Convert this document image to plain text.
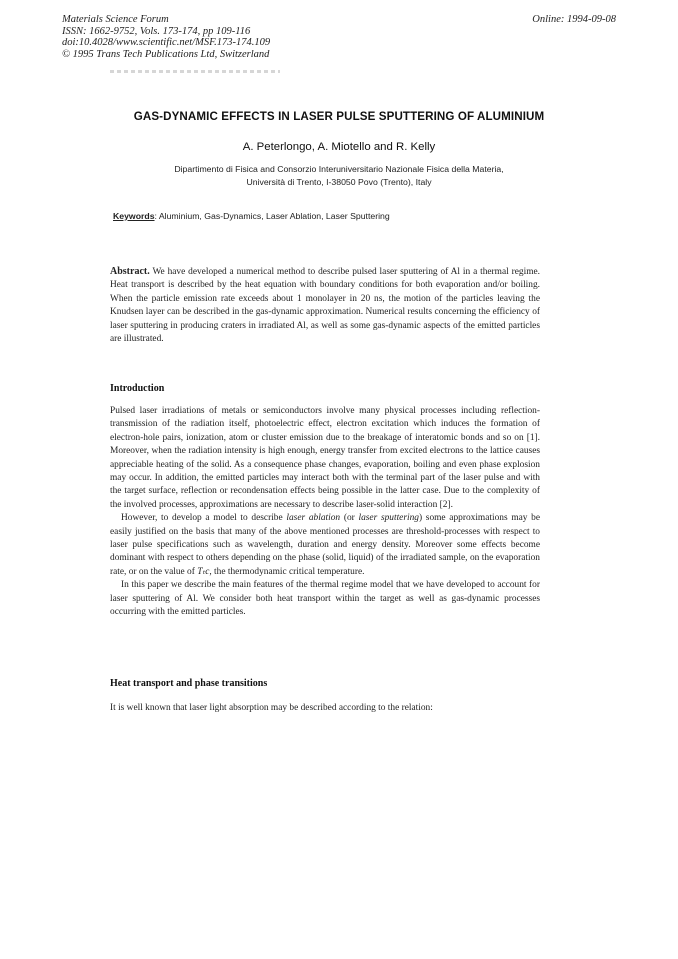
Materials Science Forum
ISSN: 1662-9752, Vols. 173-174, pp 109-116
doi:10.4028/www.scientific.net/MSF.173-174.109
© 1995 Trans Tech Publications Ltd, Switzerland
Online: 1994-09-08
GAS-DYNAMIC EFFECTS IN LASER PULSE SPUTTERING OF ALUMINIUM
A. Peterlongo, A. Miotello and R. Kelly
Dipartimento di Fisica and Consorzio Interuniversitario Nazionale Fisica della Materia,
Università di Trento, I-38050 Povo (Trento), Italy
Keywords: Aluminium, Gas-Dynamics, Laser Ablation, Laser Sputtering

Abstract. We have developed a numerical method to describe pulsed laser sputtering of Al in a thermal regime. Heat transport is described by the heat equation with boundary conditions for both evaporation and/or boiling. When the particle emission rate exceeds about 1 monolayer in 20 ns, the motion of the particles leaving the Knudsen layer can be described in the gas-dynamic approximation. Numerical results concerning the efficiency of laser sputtering in producing craters in irradiated Al, as well as some gas-dynamic aspects of the emitted particles are illustrated.

Introduction

Pulsed laser irradiations of metals or semiconductors involve many physical processes including reflection-transmission of the radiation itself, photoelectric effect, electron excitation which induces the formation of electron-hole pairs, ionization, atom or cluster emission due to the breakage of interatomic bonds and so on [1]. Moreover, when the radiation intensity is high enough, energy transfer from excited electrons to the lattice causes appreciable heating of the solid. As a consequence phase changes, evaporation, boiling and even phase explosion may occur. In addition, the emitted particles may interact both with the terminal part of the laser pulse and with the target surface, reflection or recondensation effects being possible in the latter case. Due to the complexity of the involved processes, approximations are necessary to describe laser-solid interaction [2].

However, to develop a model to describe laser ablation (or laser sputtering) some approximations may be easily justified on the basis that many of the above mentioned processes are threshold-processes with respect to laser pulse specifications such as wavelength, duration and energy density. Moreover some effects become dominant with respect to others depending on the phase (solid, liquid) of the irradiated sample, on the evaporation rate, or on the value of Tₜc, the thermodynamic critical temperature.

In this paper we describe the main features of the thermal regime model that we have developed to account for laser sputtering of Al. We consider both heat transport within the target as well as gas-dynamic processes occurring with the emitted particles.

Heat transport and phase transitions

It is well known that laser light absorption may be described according to the relation:
